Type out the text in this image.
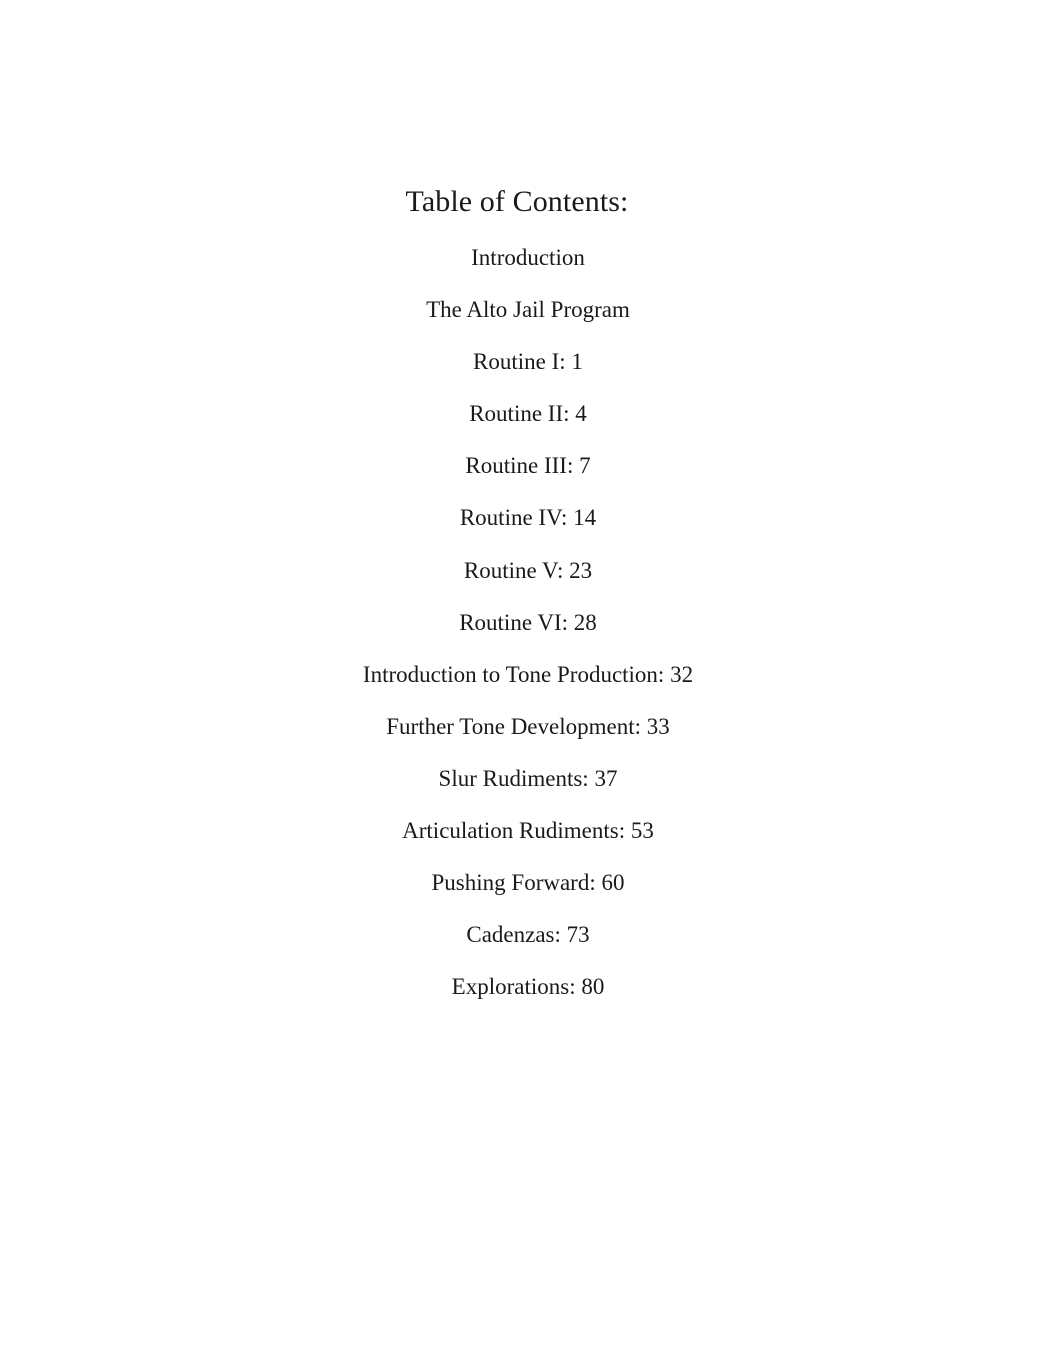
Table of Contents:
Introduction
The Alto Jail Program
Routine I: 1
Routine II: 4
Routine III: 7
Routine IV: 14
Routine V: 23
Routine VI: 28
Introduction to Tone Production: 32
Further Tone Development: 33
Slur Rudiments: 37
Articulation Rudiments: 53
Pushing Forward: 60
Cadenzas: 73
Explorations: 80
